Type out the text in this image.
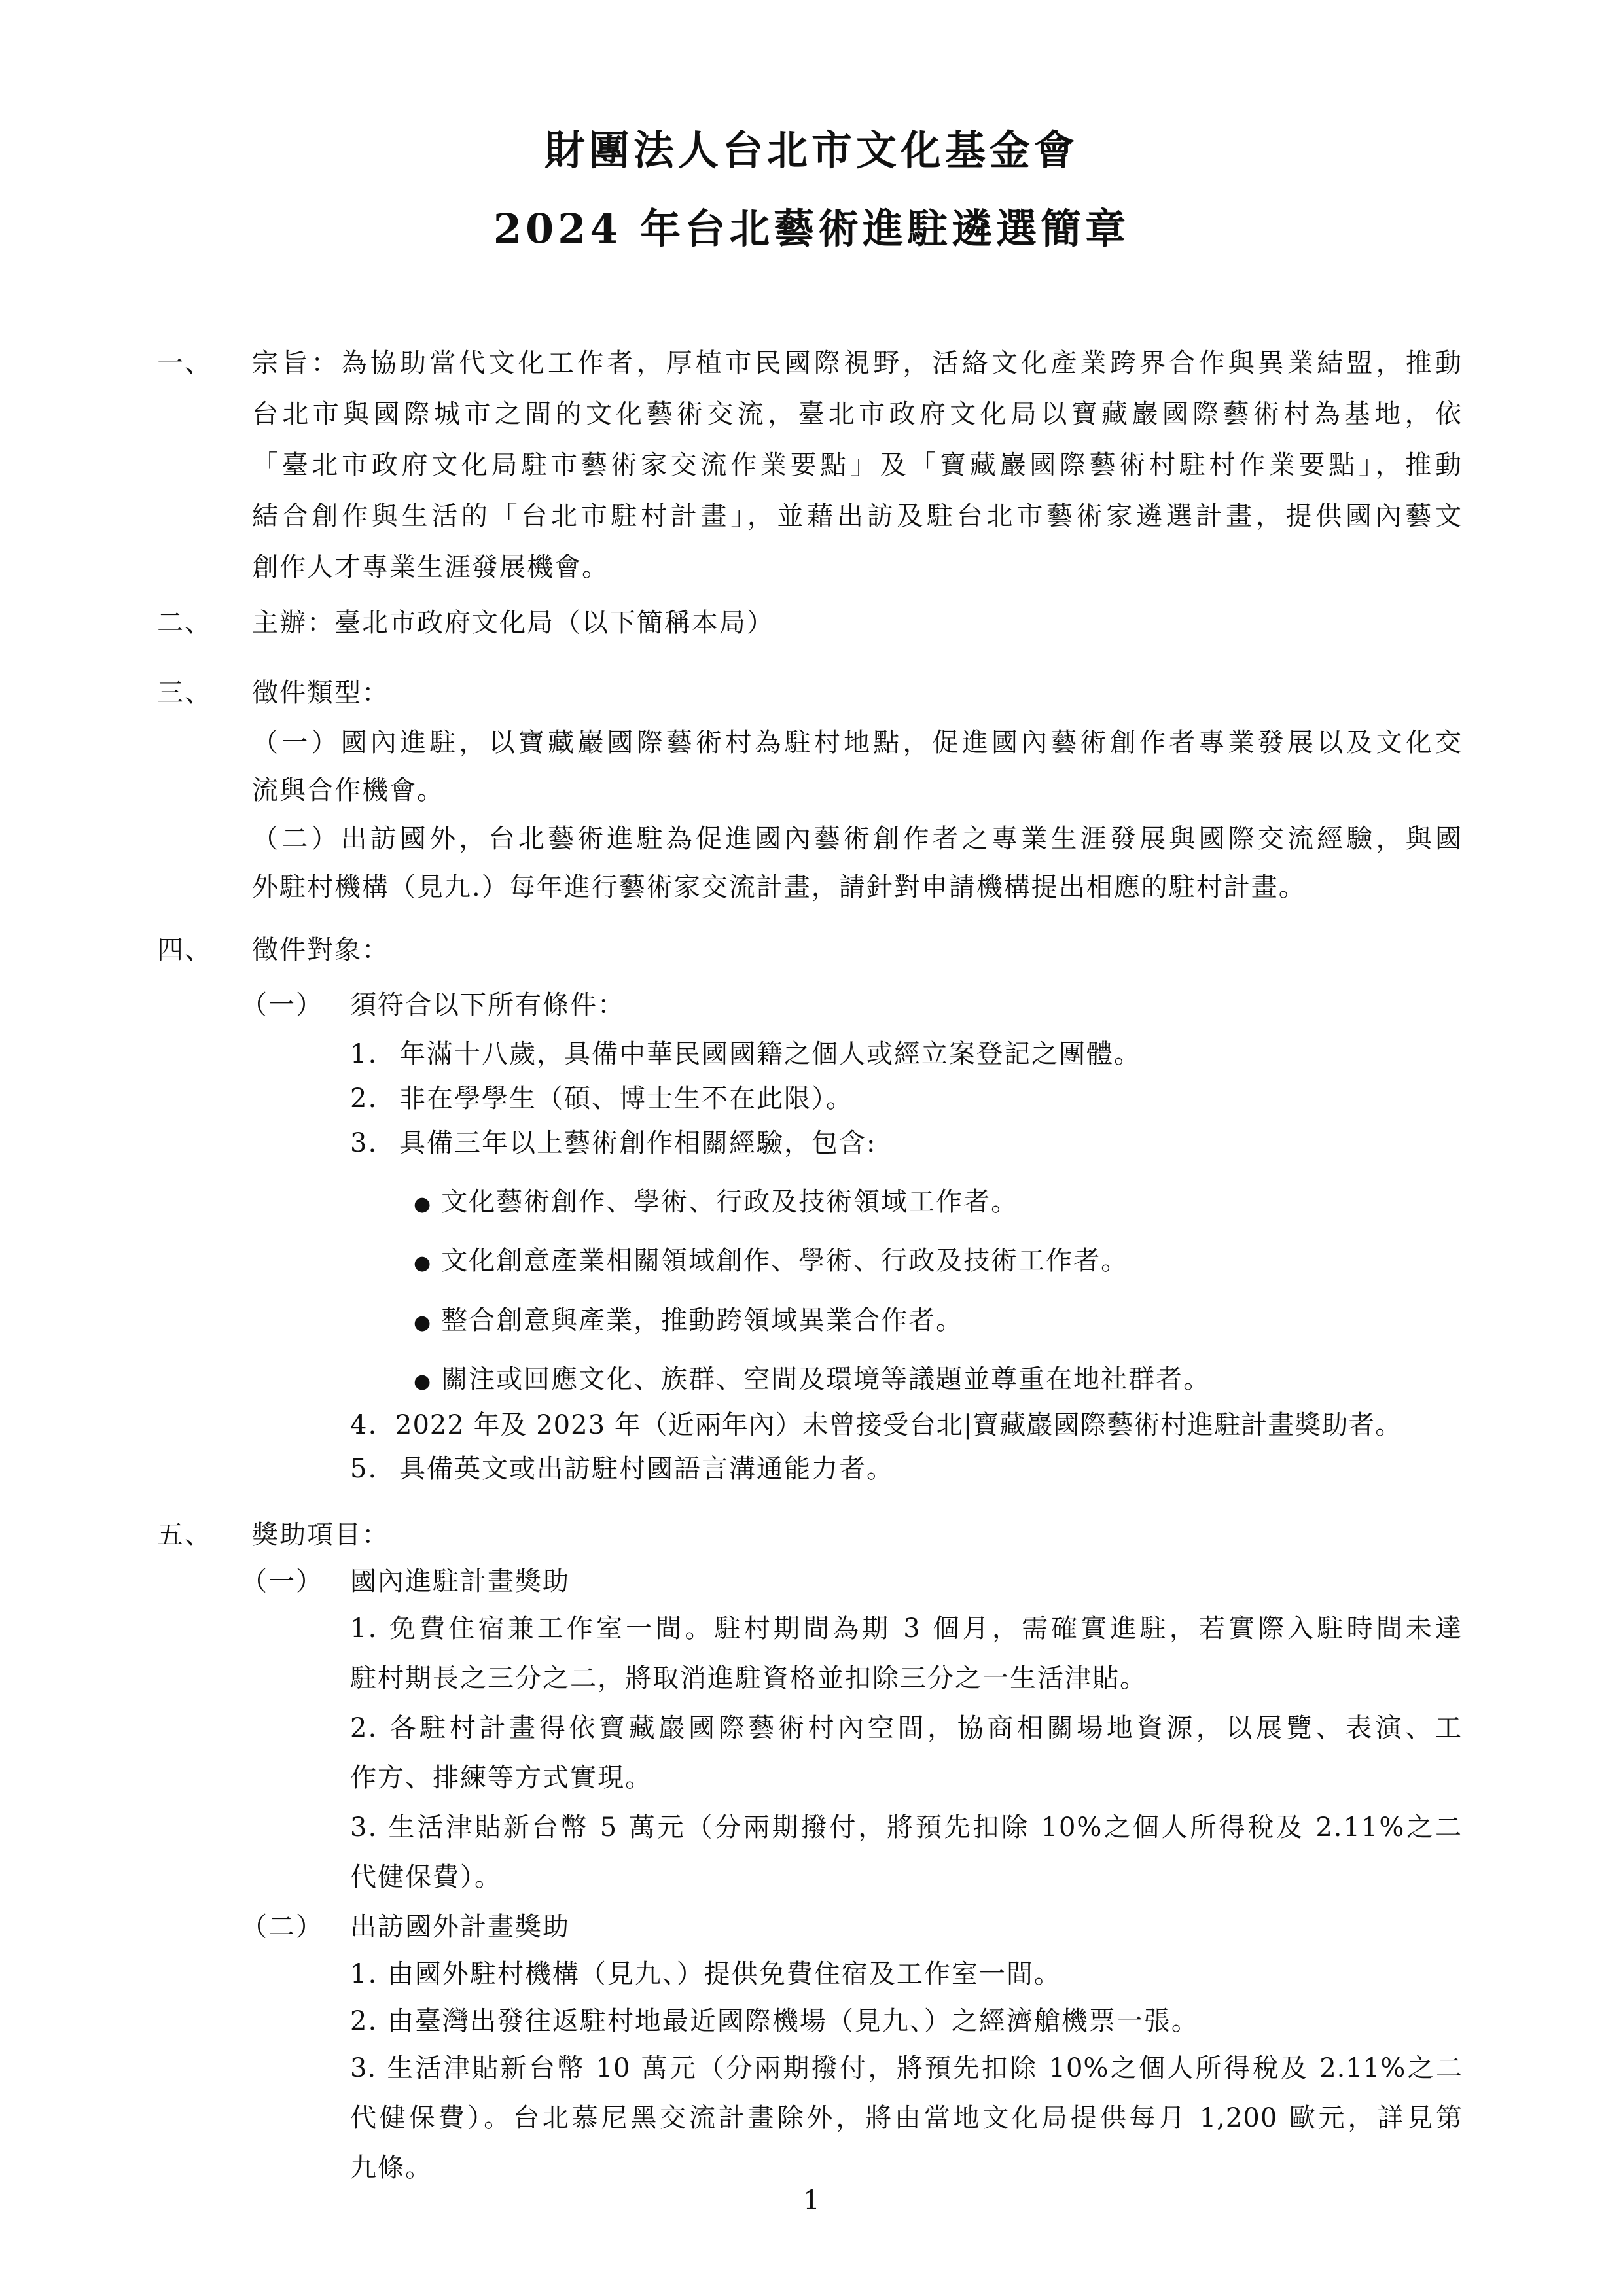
財團法人台北市文化基金會
2024 年台北藝術進駐遴選簡章
一、 宗旨：為協助當代文化工作者，厚植市民國際視野，活絡文化產業跨界合作與異業結盟，推動
台北市與國際城市之間的文化藝術交流，臺北市政府文化局以寶藏巖國際藝術村為基地，依
「臺北市政府文化局駐市藝術家交流作業要點」及「寶藏巖國際藝術村駐村作業要點」，推動
結合創作與生活的「台北市駐村計畫」，並藉出訪及駐台北市藝術家遴選計畫，提供國內藝文
創作人才專業生涯發展機會。
二、 主辦：臺北市政府文化局（以下簡稱本局）
三、 徵件類型：
（一）國內進駐，以寶藏巖國際藝術村為駐村地點，促進國內藝術創作者專業發展以及文化交
流與合作機會。
（二）出訪國外，台北藝術進駐為促進國內藝術創作者之專業生涯發展與國際交流經驗，與國
外駐村機構（見九.）每年進行藝術家交流計畫，請針對申請機構提出相應的駐村計畫。
四、 徵件對象：
（一） 須符合以下所有條件：
1. 年滿十八歲，具備中華民國國籍之個人或經立案登記之團體。
2. 非在學學生（碩、博士生不在此限）。
3. 具備三年以上藝術創作相關經驗，包含:
● 文化藝術創作、學術、行政及技術領域工作者。
● 文化創意產業相關領域創作、學術、行政及技術工作者。
● 整合創意與產業，推動跨領域異業合作者。
● 關注或回應文化、族群、空間及環境等議題並尊重在地社群者。
4. 2022 年及 2023 年（近兩年內）未曾接受台北|寶藏巖國際藝術村進駐計畫獎助者。
5. 具備英文或出訪駐村國語言溝通能力者。
五、 獎助項目：
（一） 國內進駐計畫獎助
1. 免費住宿兼工作室一間。駐村期間為期 3 個月，需確實進駐，若實際入駐時間未達
駐村期長之三分之二，將取消進駐資格並扣除三分之一生活津貼。
2. 各駐村計畫得依寶藏巖國際藝術村內空間，協商相關場地資源，以展覽、表演、工
作方、排練等方式實現。
3. 生活津貼新台幣 5 萬元（分兩期撥付，將預先扣除 10%之個人所得稅及 2.11%之二
代健保費）。
（二） 出訪國外計畫獎助
1. 由國外駐村機構（見九、）提供免費住宿及工作室一間。
2. 由臺灣出發往返駐村地最近國際機場（見九、）之經濟艙機票一張。
3. 生活津貼新台幣 10 萬元（分兩期撥付，將預先扣除 10%之個人所得稅及 2.11%之二
代健保費）。台北慕尼黑交流計畫除外，將由當地文化局提供每月 1,200 歐元，詳見第
九條。
1
